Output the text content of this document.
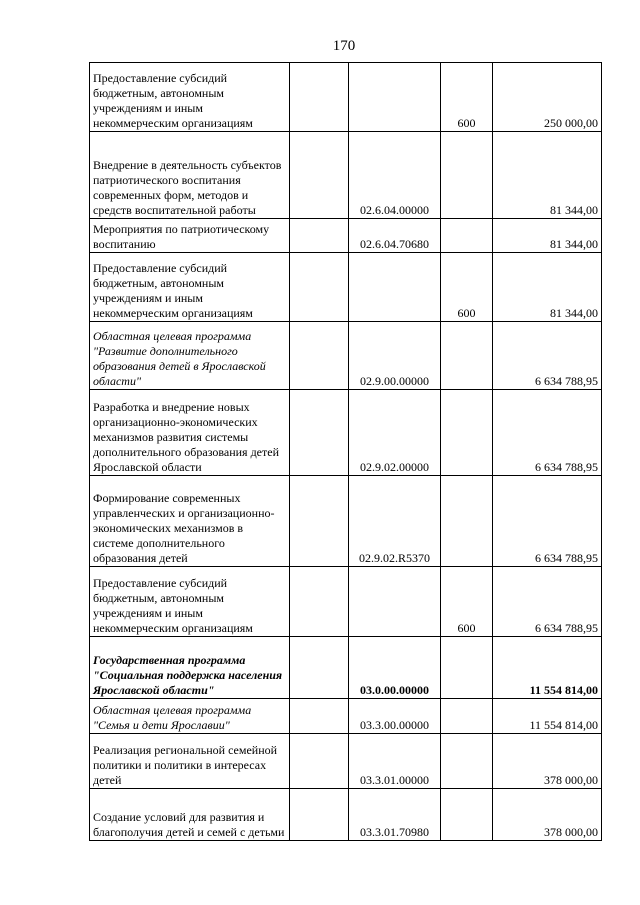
170
Предоставление субсидий бюджетным, автономным учреждениям и иным некоммерческим организациям			600	250 000,00
Внедрение в деятельность субъектов патриотического воспитания современных форм, методов и средств воспитательной работы		02.6.04.00000		81 344,00
Мероприятия по патриотическому воспитанию		02.6.04.70680		81 344,00
Предоставление субсидий бюджетным, автономным учреждениям и иным некоммерческим организациям			600	81 344,00
Областная целевая программа "Развитие дополнительного образования детей в Ярославской области"		02.9.00.00000		6 634 788,95
Разработка и внедрение новых организационно-экономических механизмов развития системы дополнительного образования детей Ярославской области		02.9.02.00000		6 634 788,95
Формирование современных управленческих и организационно-экономических механизмов в системе дополнительного образования детей		02.9.02.R5370		6 634 788,95
Предоставление субсидий бюджетным, автономным учреждениям и иным некоммерческим организациям			600	6 634 788,95
Государственная программа "Социальная поддержка населения Ярославской области"		03.0.00.00000		11 554 814,00
Областная целевая программа "Семья и дети Ярославии"		03.3.00.00000		11 554 814,00
Реализация региональной семейной политики и политики в интересах детей		03.3.01.00000		378 000,00
Создание условий для развития и благополучия детей и семей с детьми		03.3.01.70980		378 000,00
